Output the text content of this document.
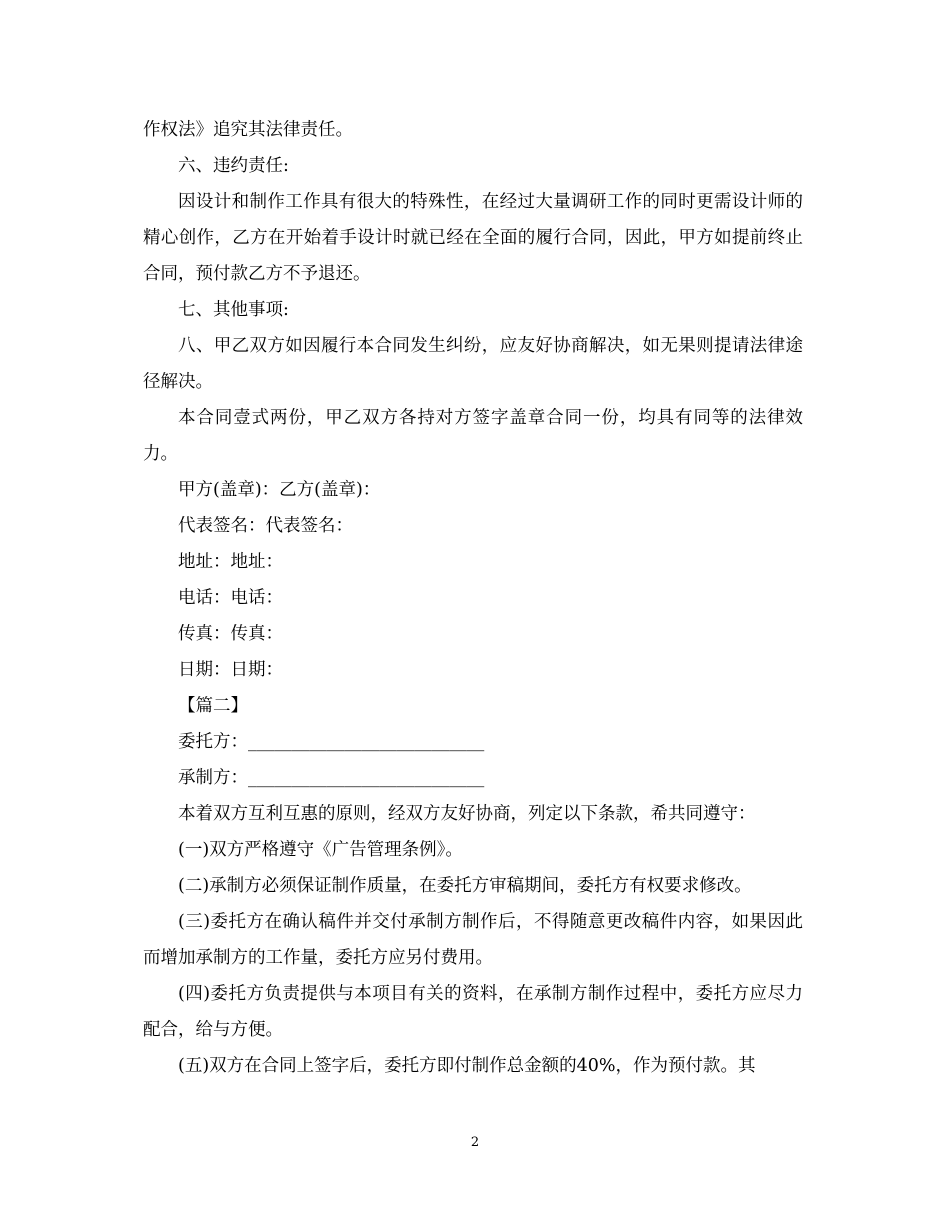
作权法》追究其法律责任。

六、违约责任:

因设计和制作工作具有很大的特殊性，在经过大量调研工作的同时更需设计师的精心创作，乙方在开始着手设计时就已经在全面的履行合同，因此，甲方如提前终止合同，预付款乙方不予退还。

七、其他事项:

八、甲乙双方如因履行本合同发生纠纷，应友好协商解决，如无果则提请法律途径解决。

本合同壹式两份，甲乙双方各持对方签字盖章合同一份，均具有同等的法律效力。

甲方(盖章)：乙方(盖章)：

代表签名：代表签名：

地址：地址：

电话：电话：

传真：传真：

日期：日期：

【篇二】

委托方：___________________________

承制方：___________________________

本着双方互利互惠的原则，经双方友好协商，列定以下条款，希共同遵守：

(一)双方严格遵守《广告管理条例》。

(二)承制方必须保证制作质量，在委托方审稿期间，委托方有权要求修改。

(三)委托方在确认稿件并交付承制方制作后，不得随意更改稿件内容，如果因此而增加承制方的工作量，委托方应另付费用。

(四)委托方负责提供与本项目有关的资料，在承制方制作过程中，委托方应尽力配合，给与方便。

(五)双方在合同上签字后，委托方即付制作总金额的40%，作为预付款。其

2
